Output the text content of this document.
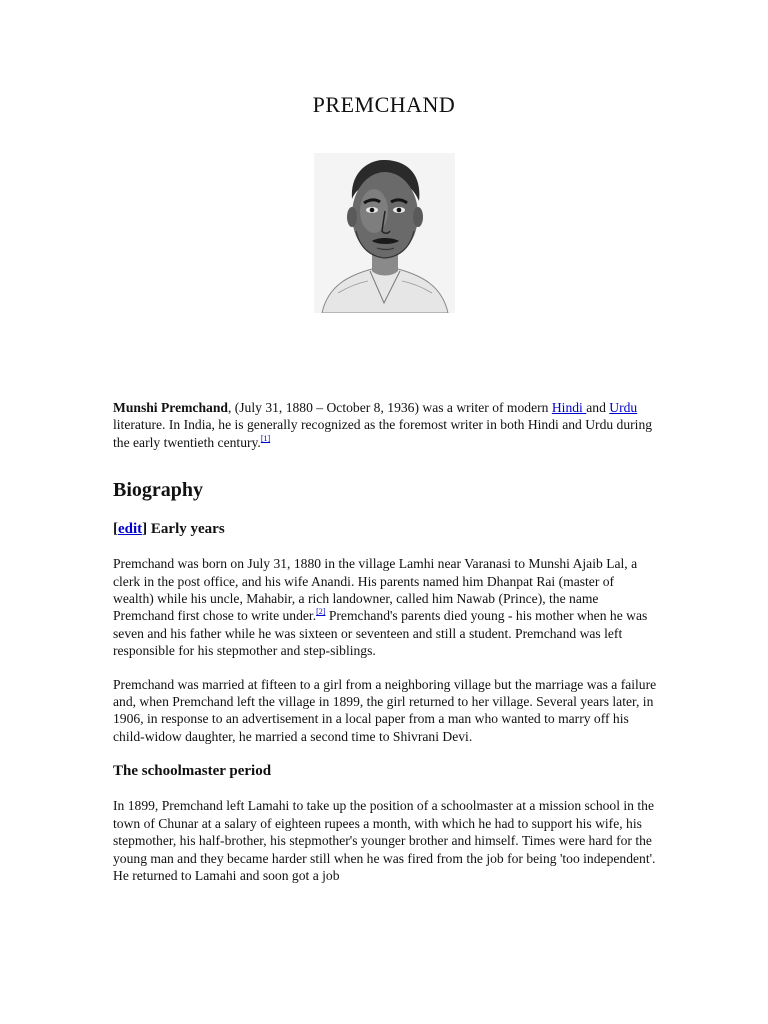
PREMCHAND

Munshi Premchand, (July 31, 1880 – October 8, 1936) was a writer of modern Hindi and Urdu literature. In India, he is generally recognized as the foremost writer in both Hindi and Urdu during the early twentieth century.[1]

Biography
[edit] Early years

Premchand was born on July 31, 1880 in the village Lamhi near Varanasi to Munshi Ajaib Lal, a clerk in the post office, and his wife Anandi. His parents named him Dhanpat Rai (master of wealth) while his uncle, Mahabir, a rich landowner, called him Nawab (Prince), the name Premchand first chose to write under.[2] Premchand's parents died young - his mother when he was seven and his father while he was sixteen or seventeen and still a student. Premchand was left responsible for his stepmother and step-siblings.

Premchand was married at fifteen to a girl from a neighboring village but the marriage was a failure and, when Premchand left the village in 1899, the girl returned to her village. Several years later, in 1906, in response to an advertisement in a local paper from a man who wanted to marry off his child-widow daughter, he married a second time to Shivrani Devi.

The schoolmaster period

In 1899, Premchand left Lamahi to take up the position of a schoolmaster at a mission school in the town of Chunar at a salary of eighteen rupees a month, with which he had to support his wife, his stepmother, his half-brother, his stepmother's younger brother and himself. Times were hard for the young man and they became harder still when he was fired from the job for being 'too independent'. He returned to Lamahi and soon got a job
